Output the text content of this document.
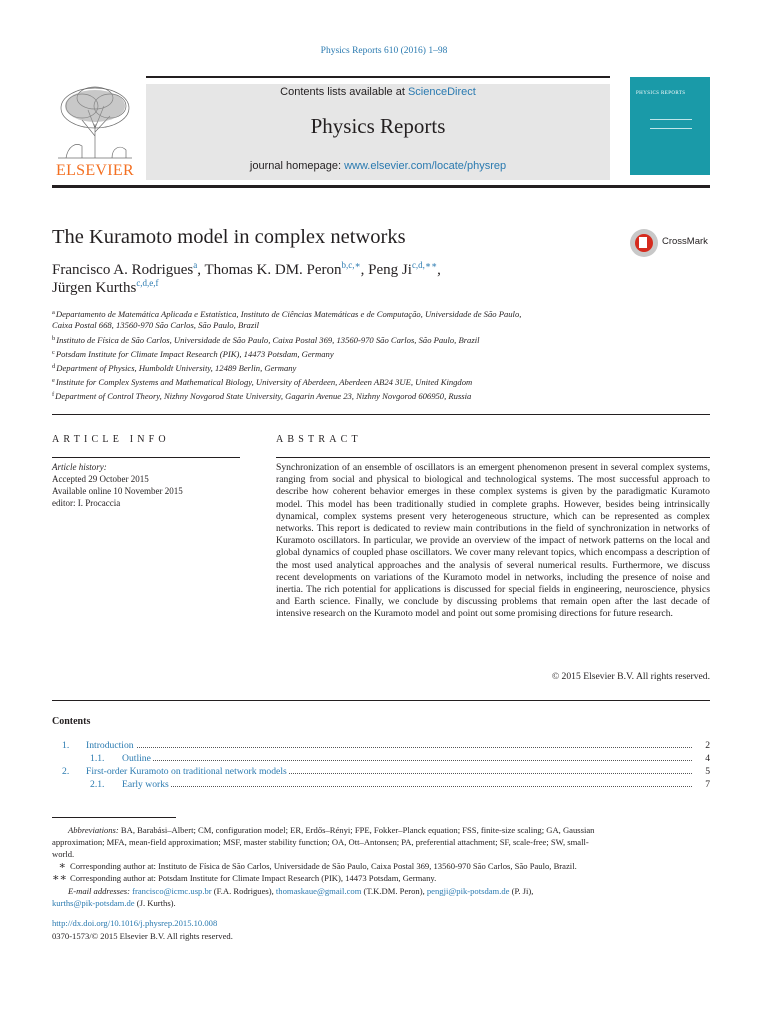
Physics Reports 610 (2016) 1–98
ELSEVIER
Contents lists available at ScienceDirect
Physics Reports
journal homepage: www.elsevier.com/locate/physrep
PHYSICS REPORTS
The Kuramoto model in complex networks	CrossMark
Francisco A. Rodrigues$^a$, Thomas K. DM. Peron$^{b,c,∗}$, Peng Ji$^{c,d,∗∗}$,
Jürgen Kurths$^{c,d,e,f}$
$^a$Departamento de Matemática Aplicada e Estatística, Instituto de Ciências Matemáticas e de Computação, Universidade de São Paulo,
Caixa Postal 668, 13560-970 São Carlos, São Paulo, Brazil
$^b$Instituto de Física de São Carlos, Universidade de São Paulo, Caixa Postal 369, 13560-970 São Carlos, São Paulo, Brazil
$^c$Potsdam Institute for Climate Impact Research (PIK), 14473 Potsdam, Germany
$^d$Department of Physics, Humboldt University, 12489 Berlin, Germany
$^e$Institute for Complex Systems and Mathematical Biology, University of Aberdeen, Aberdeen AB24 3UE, United Kingdom
$^f$Department of Control Theory, Nizhny Novgorod State University, Gagarin Avenue 23, Nizhny Novgorod 606950, Russia
ARTICLE INFO
Article history:
Accepted 29 October 2015
Available online 10 November 2015
editor: I. Procaccia
ABSTRACT
Synchronization of an ensemble of oscillators is an emergent phenomenon present in several complex systems, ranging from social and physical to biological and technological systems. The most successful approach to describe how coherent behavior emerges in these complex systems is given by the paradigmatic Kuramoto model. This model has been traditionally studied in complete graphs. However, besides being intrinsically dynamical, complex systems present very heterogeneous structure, which can be represented as complex networks. This report is dedicated to review main contributions in the field of synchronization in networks of Kuramoto oscillators. In particular, we provide an overview of the impact of network patterns on the local and global dynamics of coupled phase oscillators. We cover many relevant topics, which encompass a description of the most used analytical approaches and the analysis of several numerical results. Furthermore, we discuss recent developments on variations of the Kuramoto model in networks, including the presence of noise and inertia. The rich potential for applications is discussed for special fields in engineering, neuroscience, physics and Earth science. Finally, we conclude by discussing problems that remain open after the last decade of intensive research on the Kuramoto model and point out some promising directions for future research.
© 2015 Elsevier B.V. All rights reserved.
Contents
1. Introduction	2
1.1. Outline	4
2. First-order Kuramoto on traditional network models	5
2.1. Early works	7
Abbreviations: BA, Barabási–Albert; CM, configuration model; ER, Erdős–Rényi; FPE, Fokker–Planck equation; FSS, finite-size scaling; GA, Gaussian
approximation; MFA, mean-field approximation; MSF, master stability function; OA, Ott–Antonsen; PA, preferential attachment; SF, scale-free; SW, small-
world.
∗ Corresponding author at: Instituto de Física de São Carlos, Universidade de São Paulo, Caixa Postal 369, 13560-970 São Carlos, São Paulo, Brazil.
∗∗ Corresponding author at: Potsdam Institute for Climate Impact Research (PIK), 14473 Potsdam, Germany.
E-mail addresses: francisco@icmc.usp.br (F.A. Rodrigues), thomaskaue@gmail.com (T.K.DM. Peron), pengji@pik-potsdam.de (P. Ji),
kurths@pik-potsdam.de (J. Kurths).
http://dx.doi.org/10.1016/j.physrep.2015.10.008
0370-1573/© 2015 Elsevier B.V. All rights reserved.
